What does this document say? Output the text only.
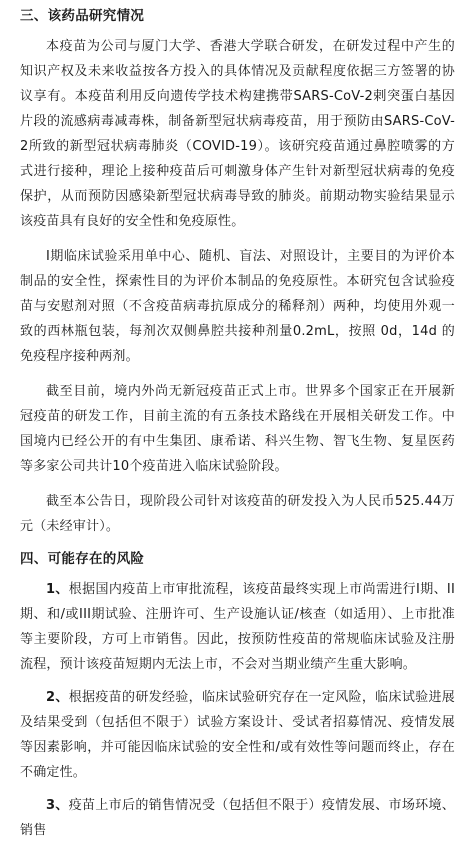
三、该药品研究情况

本疫苗为公司与厦门大学、香港大学联合研发，在研发过程中产生的知识产权及未来收益按各方投入的具体情况及贡献程度依据三方签署的协议享有。本疫苗利用反向遗传学技术构建携带SARS-CoV-2剌突蛋白基因片段的流感病毒减毒株，制备新型冠状病毒疫苗，用于预防由SARS-CoV-2所致的新型冠状病毒肺炎（COVID-19）。该研究疫苗通过鼻腔喷雾的方式进行接种，理论上接种疫苗后可刺激身体产生针对新型冠状病毒的免疫保护，从而预防因感染新型冠状病毒导致的肺炎。前期动物实验结果显示该疫苗具有良好的安全性和免疫原性。

I期临床试验采用单中心、随机、盲法、对照设计，主要目的为评价本制品的安全性，探索性目的为评价本制品的免疫原性。本研究包含试验疫苗与安慰剂对照（不含疫苗病毒抗原成分的稀释剂）两种，均使用外观一致的西林瓶包装，每剂次双侧鼻腔共接种剂量0.2mL，按照 0d，14d 的免疫程序接种两剂。

截至目前，境内外尚无新冠疫苗正式上市。世界多个国家正在开展新冠疫苗的研发工作，目前主流的有五条技术路线在开展相关研发工作。中国境内已经公开的有中生集团、康希诺、科兴生物、智飞生物、复星医药等多家公司共计10个疫苗进入临床试验阶段。

截至本公告日，现阶段公司针对该疫苗的研发投入为人民币525.44万元（未经审计）。

四、可能存在的风险

1、根据国内疫苗上市审批流程，该疫苗最终实现上市尚需进行I期、II期、和/或III期试验、注册许可、生产设施认证/核查（如适用）、上市批准等主要阶段，方可上市销售。因此，按预防性疫苗的常规临床试验及注册流程，预计该疫苗短期内无法上市，不会对当期业绩产生重大影响。

2、根据疫苗的研发经验，临床试验研究存在一定风险，临床试验进展及结果受到（包括但不限于）试验方案设计、受试者招募情况、疫情发展等因素影响，并可能因临床试验的安全性和/或有效性等问题而终止，存在不确定性。

3、疫苗上市后的销售情况受（包括但不限于）疫情发展、市场环境、销售
